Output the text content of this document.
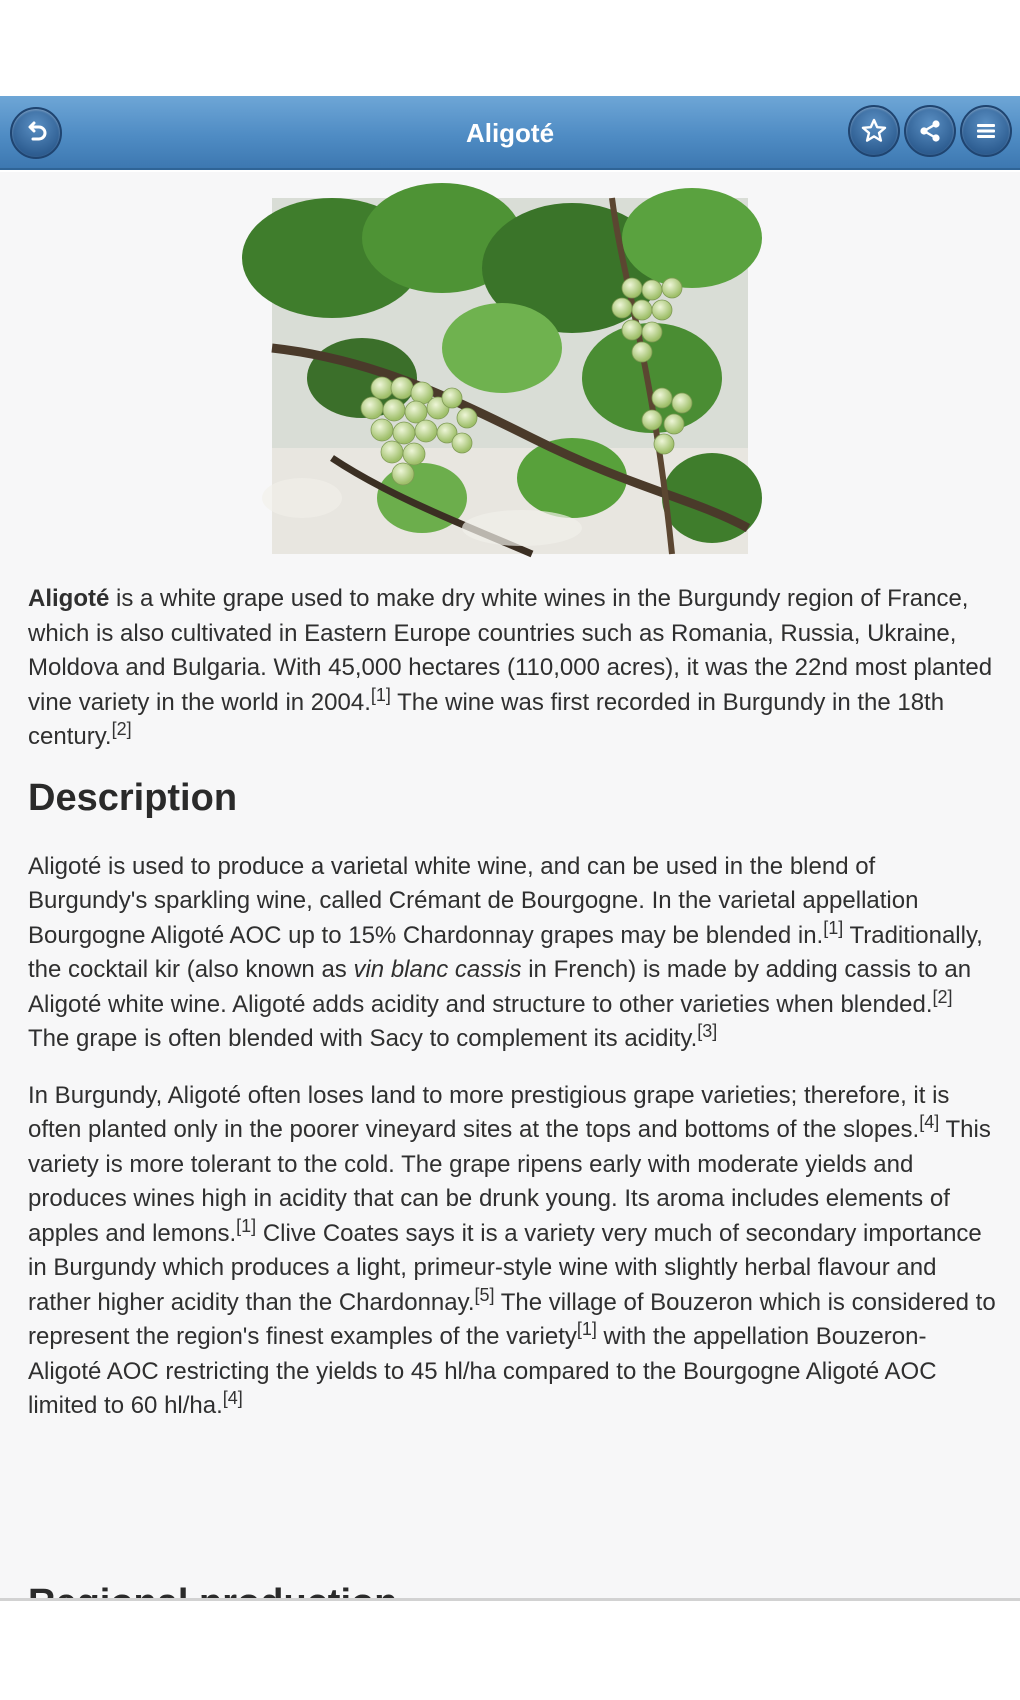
Aligoté

Aligoté is a white grape used to make dry white wines in the Burgundy region of France, which is also cultivated in Eastern Europe countries such as Romania, Russia, Ukraine, Moldova and Bulgaria. With 45,000 hectares (110,000 acres), it was the 22nd most planted vine variety in the world in 2004.[1] The wine was first recorded in Burgundy in the 18th century.[2]

Description

Aligoté is used to produce a varietal white wine, and can be used in the blend of Burgundy's sparkling wine, called Crémant de Bourgogne. In the varietal appellation Bourgogne Aligoté AOC up to 15% Chardonnay grapes may be blended in.[1] Traditionally, the cocktail kir (also known as vin blanc cassis in French) is made by adding cassis to an Aligoté white wine. Aligoté adds acidity and structure to other varieties when blended.[2] The grape is often blended with Sacy to complement its acidity.[3]

In Burgundy, Aligoté often loses land to more prestigious grape varieties; therefore, it is often planted only in the poorer vineyard sites at the tops and bottoms of the slopes.[4] This variety is more tolerant to the cold. The grape ripens early with moderate yields and produces wines high in acidity that can be drunk young. Its aroma includes elements of apples and lemons.[1] Clive Coates says it is a variety very much of secondary importance in Burgundy which produces a light, primeur-style wine with slightly herbal flavour and rather higher acidity than the Chardonnay.[5] The village of Bouzeron which is considered to represent the region's finest examples of the variety[1] with the appellation Bouzeron-Aligoté AOC restricting the yields to 45 hl/ha compared to the Bourgogne Aligoté AOC limited to 60 hl/ha.[4]
